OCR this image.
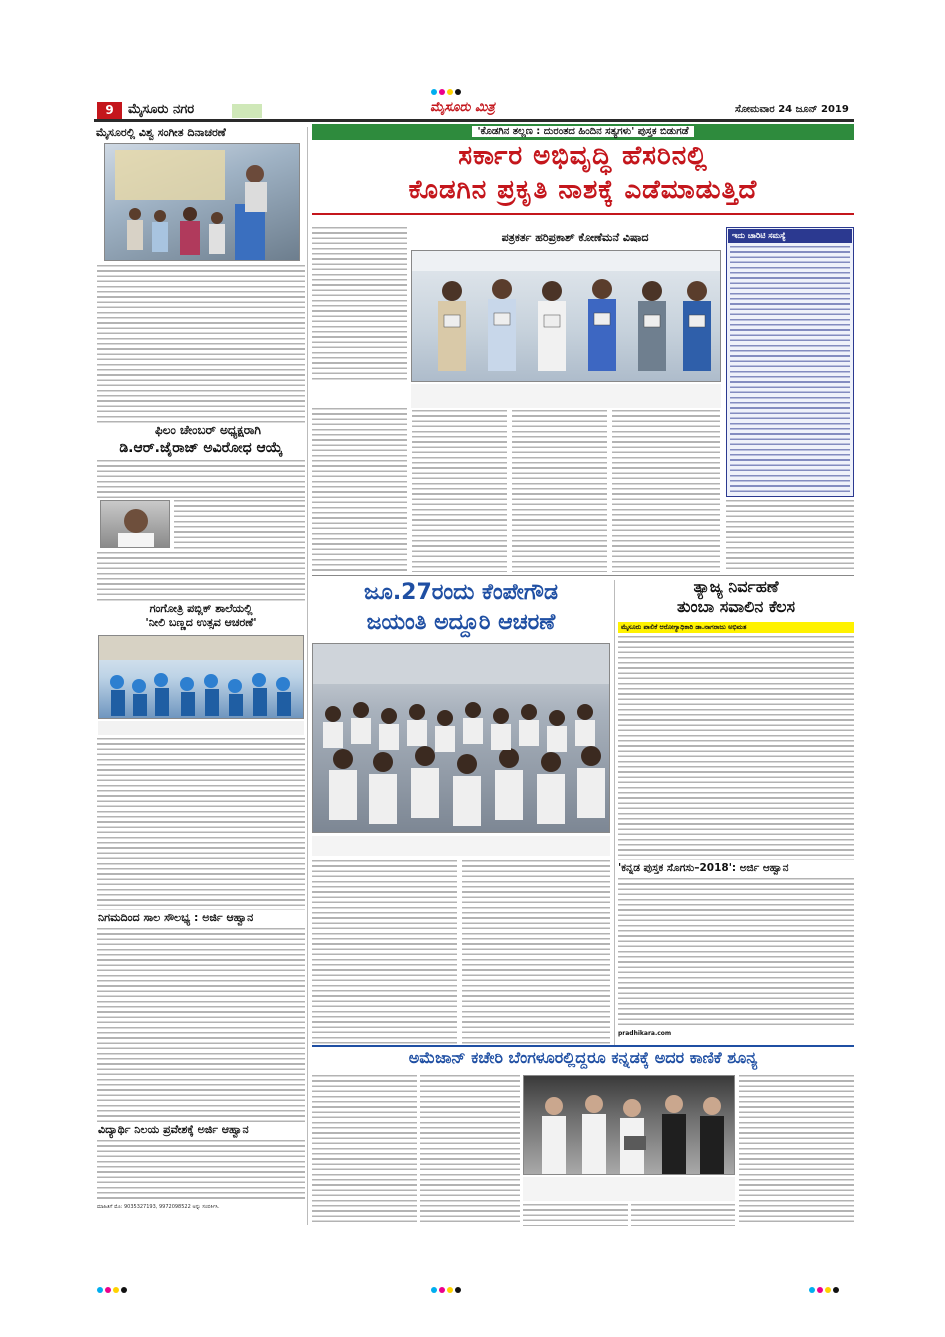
9	ಮೈಸೂರು ನಗರ	ಮೈಸೂರು ಮಿತ್ರ	ಸೋಮವಾರ 24 ಜೂನ್ 2019
ಮೈಸೂರಲ್ಲಿ ವಿಶ್ವ ಸಂಗೀತ ದಿನಾಚರಣೆ
ಫಿಲಂ ಚೇಂಬರ್ ಅಧ್ಯಕ್ಷರಾಗಿ
ಡಿ.ಆರ್.ಜೈರಾಜ್ ಅವಿರೋಧ ಆಯ್ಕೆ
ಗಂಗೋತ್ರಿ ಪಬ್ಲಿಕ್ ಶಾಲೆಯಲ್ಲಿ
'ನೀಲಿ ಬಣ್ಣದ ಉತ್ಸವ ಆಚರಣೆ'
ನಿಗಮದಿಂದ ಸಾಲ ಸೌಲಭ್ಯ : ಅರ್ಜಿ ಆಹ್ವಾನ
ವಿದ್ಯಾರ್ಥಿ ನಿಲಯ ಪ್ರವೇಶಕ್ಕೆ ಅರ್ಜಿ ಆಹ್ವಾನ
ಮಾಹಿತಿಗೆ ಮೊ: 9035327193, 9972098522 ಅನ್ನು ಸಂಪರ್ಕಿಸಿ.
'ಕೊಡಗಿನ ತಲ್ಲಣ : ದುರಂತದ ಹಿಂದಿನ ಸತ್ಯಗಳು' ಪುಸ್ತಕ ಬಿಡುಗಡೆ
ಸರ್ಕಾರ ಅಭಿವೃದ್ಧಿ ಹೆಸರಿನಲ್ಲಿ
ಕೊಡಗಿನ ಪ್ರಕೃತಿ ನಾಶಕ್ಕೆ ಎಡೆಮಾಡುತ್ತಿದೆ
ಪತ್ರಕರ್ತ ಹರಿಪ್ರಕಾಶ್ ಕೋಣೆಮನೆ ವಿಷಾದ	ಇದು ಚಾರಿಟಿ ಸಮಸ್ಯೆ
ಜೂ.27ರಂದು ಕೆಂಪೇಗೌಡ
ಜಯಂತಿ ಅದ್ದೂರಿ ಆಚರಣೆ
ತ್ಯಾಜ್ಯ ನಿರ್ವಹಣೆ
ತುಂಬಾ ಸವಾಲಿನ ಕೆಲಸ
ಮೈಸೂರು ಪಾಲಿಕೆ ಆರೋಗ್ಯಾಧಿಕಾರಿ ಡಾ.ನಾಗರಾಜು ಅಭಿಮತ
'ಕನ್ನಡ ಪುಸ್ತಕ ಸೊಗಸು–2018': ಅರ್ಜಿ ಆಹ್ವಾನ
pradhikara.com
ಅಮೆಜಾನ್ ಕಚೇರಿ ಬೆಂಗಳೂರಲ್ಲಿದ್ದರೂ ಕನ್ನಡಕ್ಕೆ ಅದರ ಕಾಣಿಕೆ ಶೂನ್ಯ
